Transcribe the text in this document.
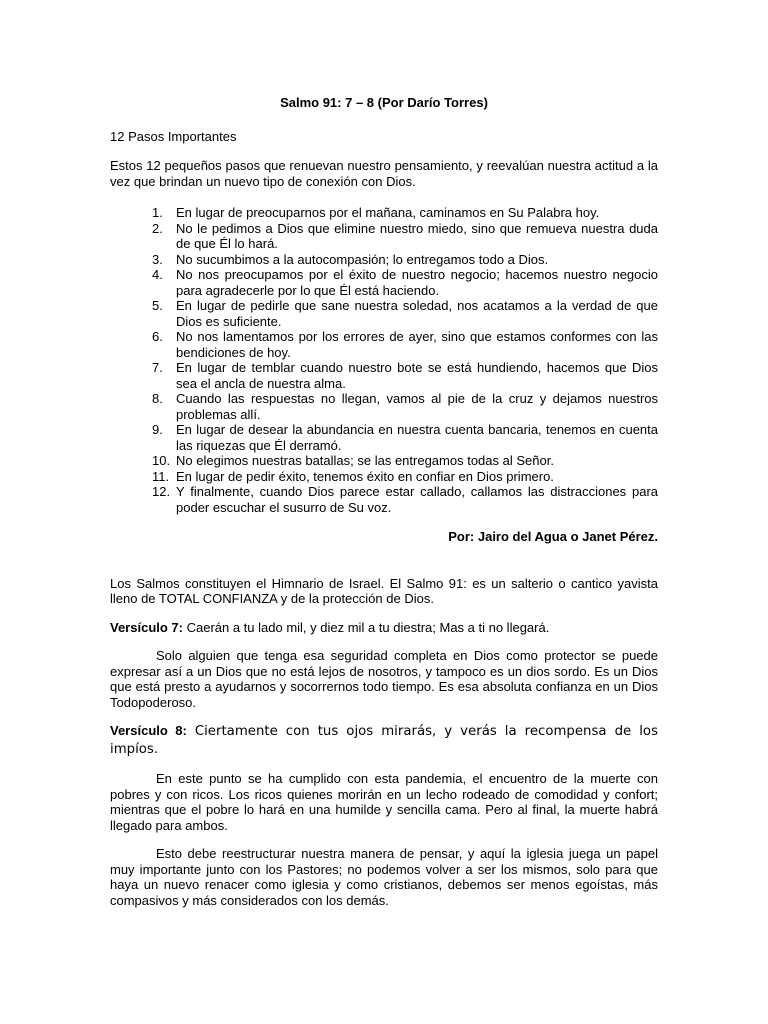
Salmo 91: 7 – 8 (Por Darío Torres)
12 Pasos Importantes

Estos 12 pequeños pasos que renuevan nuestro pensamiento, y reevalúan nuestra actitud a la vez que brindan un nuevo tipo de conexión con Dios.

1.	En lugar de preocuparnos por el mañana, caminamos en Su Palabra hoy.
2.	No le pedimos a Dios que elimine nuestro miedo, sino que remueva nuestra duda de que Él lo hará.
3.	No sucumbimos a la autocompasión; lo entregamos todo a Dios.
4.	No nos preocupamos por el éxito de nuestro negocio; hacemos nuestro negocio para agradecerle por lo que Él está haciendo.
5.	En lugar de pedirle que sane nuestra soledad, nos acatamos a la verdad de que Dios es suficiente.
6.	No nos lamentamos por los errores de ayer, sino que estamos conformes con las bendiciones de hoy.
7.	En lugar de temblar cuando nuestro bote se está hundiendo, hacemos que Dios sea el ancla de nuestra alma.
8.	Cuando las respuestas no llegan, vamos al pie de la cruz y dejamos nuestros problemas allí.
9.	En lugar de desear la abundancia en nuestra cuenta bancaria, tenemos en cuenta las riquezas que Él derramó.
10. No elegimos nuestras batallas; se las entregamos todas al Señor.
11. En lugar de pedir éxito, tenemos éxito en confiar en Dios primero.
12. Y finalmente, cuando Dios parece estar callado, callamos las distracciones para poder escuchar el susurro de Su voz.
Por: Jairo del Agua o Janet Pérez.

Los Salmos constituyen el Himnario de Israel. El Salmo 91: es un salterio o cantico yavista lleno de TOTAL CONFIANZA y de la protección de Dios.

Versículo 7: Caerán a tu lado mil, y diez mil a tu diestra; Mas a ti no llegará.

Solo alguien que tenga esa seguridad completa en Dios como protector se puede expresar así a un Dios que no está lejos de nosotros, y tampoco es un dios sordo. Es un Dios que está presto a ayudarnos y socorrernos todo tiempo. Es esa absoluta confianza en un Dios Todopoderoso.

Versículo 8: Ciertamente con tus ojos mirarás, y verás la recompensa de los impíos.

En este punto se ha cumplido con esta pandemia, el encuentro de la muerte con pobres y con ricos. Los ricos quienes morirán en un lecho rodeado de comodidad y confort; mientras que el pobre lo hará en una humilde y sencilla cama. Pero al final, la muerte habrá llegado para ambos.

Esto debe reestructurar nuestra manera de pensar, y aquí la iglesia juega un papel muy importante junto con los Pastores; no podemos volver a ser los mismos, solo para que haya un nuevo renacer como iglesia y como cristianos, debemos ser menos egoístas, más compasivos y más considerados con los demás.
